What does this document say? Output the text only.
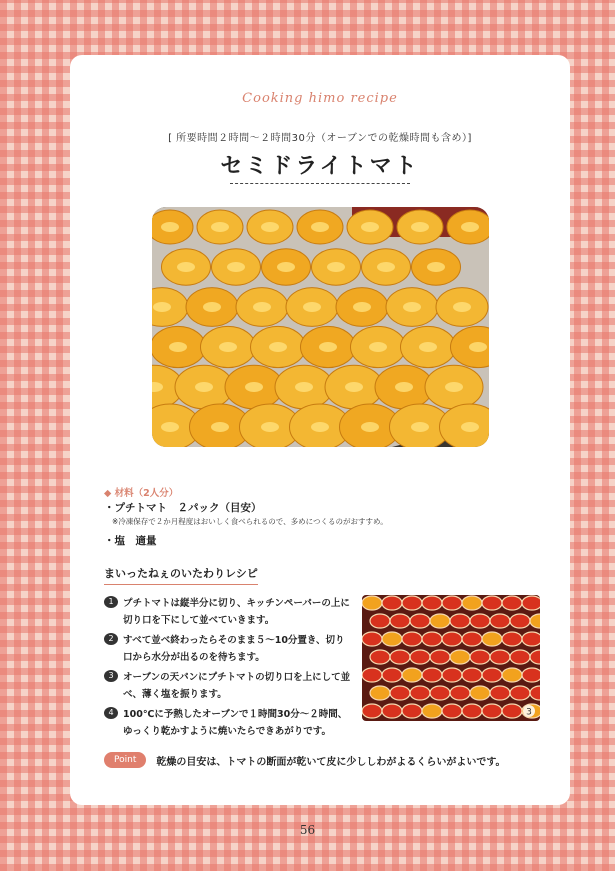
Cooking himo recipe
[ 所要時間２時間〜２時間30分（オーブンでの乾燥時間も含め）]
セミドライトマト
◆ 材料（2人分）
・プチトマト　２パック（目安）
※冷凍保存で２か月程度はおいしく食べられるので、多めにつくるのがおすすめ。
・塩　適量
まいったねぇのいたわりレシピ
1 プチトマトは縦半分に切り、キッチンペーパーの上に切り口を下にして並べていきます。
2 すべて並べ終わったらそのまま５〜10分置き、切り口から水分が出るのを待ちます。
3 オーブンの天パンにプチトマトの切り口を上にして並べ、薄く塩を振ります。
4 100℃に予熱したオーブンで１時間30分〜２時間、ゆっくり乾かすように焼いたらできあがりです。
3
Point	乾燥の目安は、トマトの断面が乾いて皮に少ししわがよるくらいがよいです。
56
